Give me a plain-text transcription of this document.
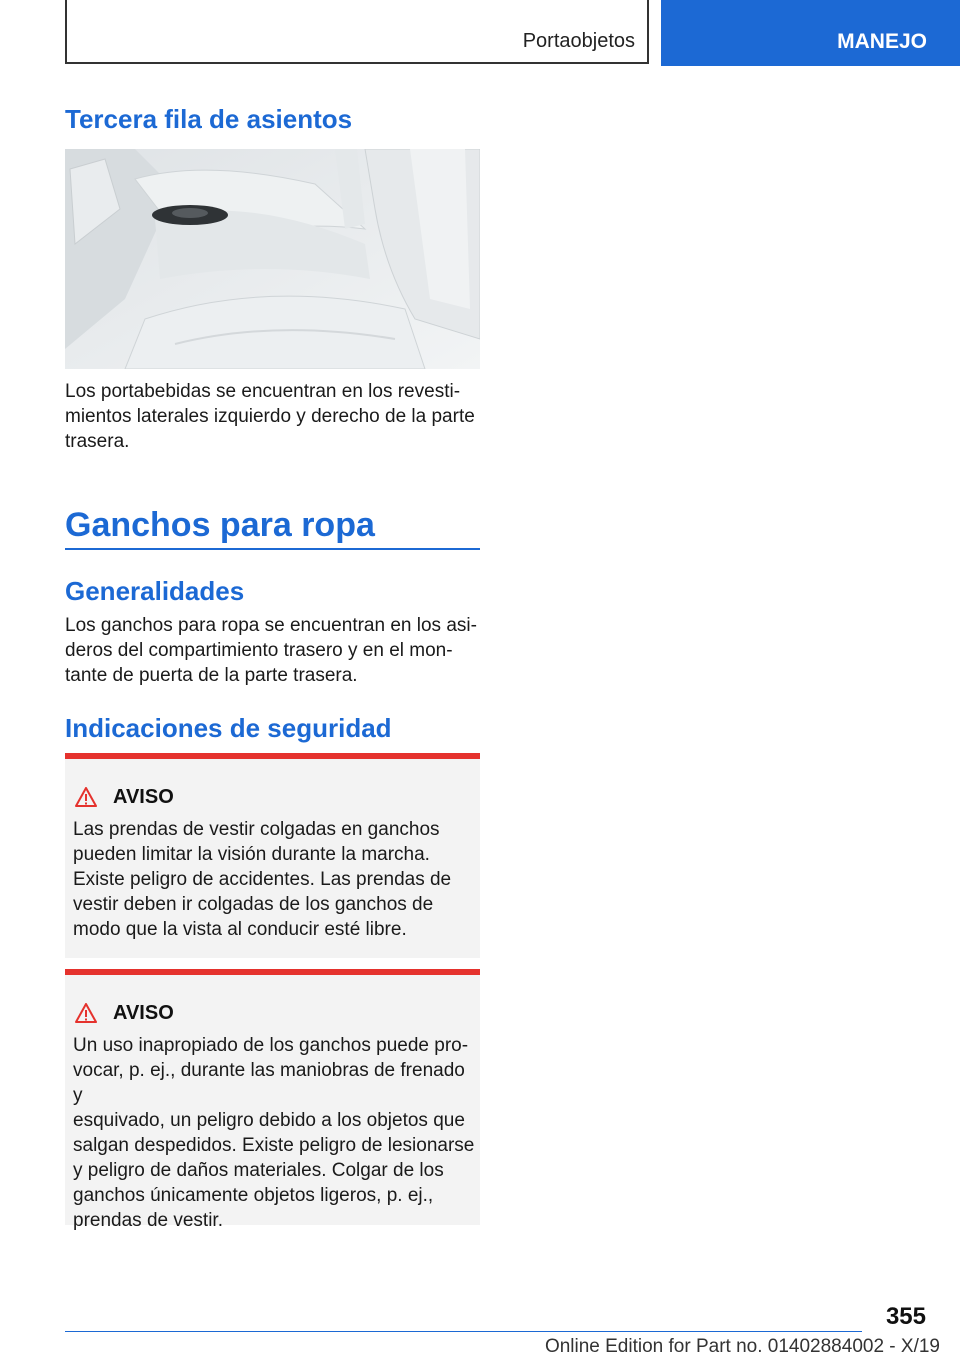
Portaobjetos	MANEJO
Tercera fila de asientos

Los portabebidas se encuentran en los revesti‐
mientos laterales izquierdo y derecho de la parte
trasera.

Ganchos para ropa
Generalidades

Los ganchos para ropa se encuentran en los asi‐
deros del compartimiento trasero y en el mon‐
tante de puerta de la parte trasera.

Indicaciones de seguridad
AVISO
Las prendas de vestir colgadas en ganchos
pueden limitar la visión durante la marcha.
Existe peligro de accidentes. Las prendas de
vestir deben ir colgadas de los ganchos de
modo que la vista al conducir esté libre.
AVISO
Un uso inapropiado de los ganchos puede pro‐
vocar, p. ej., durante las maniobras de frenado y
esquivado, un peligro debido a los objetos que
salgan despedidos. Existe peligro de lesionarse
y peligro de daños materiales. Colgar de los
ganchos únicamente objetos ligeros, p. ej.,
prendas de vestir.
355
Online Edition for Part no. 01402884002 - X/19
